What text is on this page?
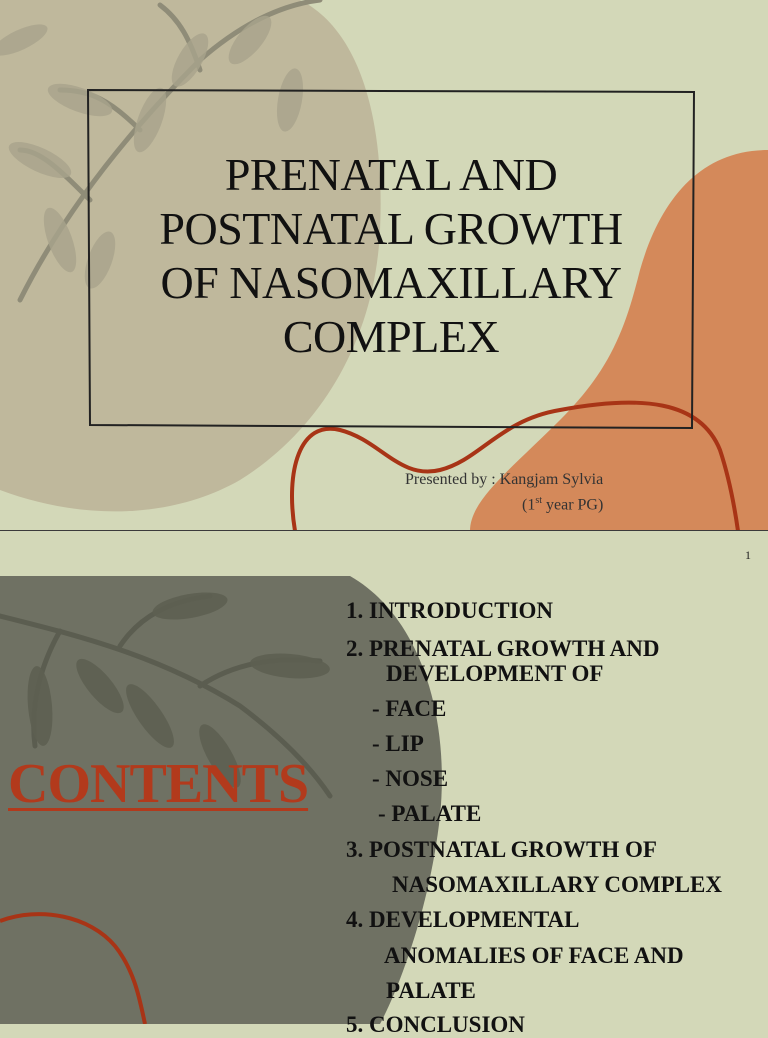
PRENATAL AND
POSTNATAL GROWTH
OF NASOMAXILLARY
COMPLEX
Presented by : Kangjam Sylvia
(1st year PG)
1
CONTENTS
1. INTRODUCTION
2. PRENATAL GROWTH AND
DEVELOPMENT OF
- FACE
- LIP
- NOSE
- PALATE
3. POSTNATAL GROWTH OF
NASOMAXILLARY COMPLEX
4. DEVELOPMENTAL
ANOMALIES OF FACE AND
PALATE
5. CONCLUSION
